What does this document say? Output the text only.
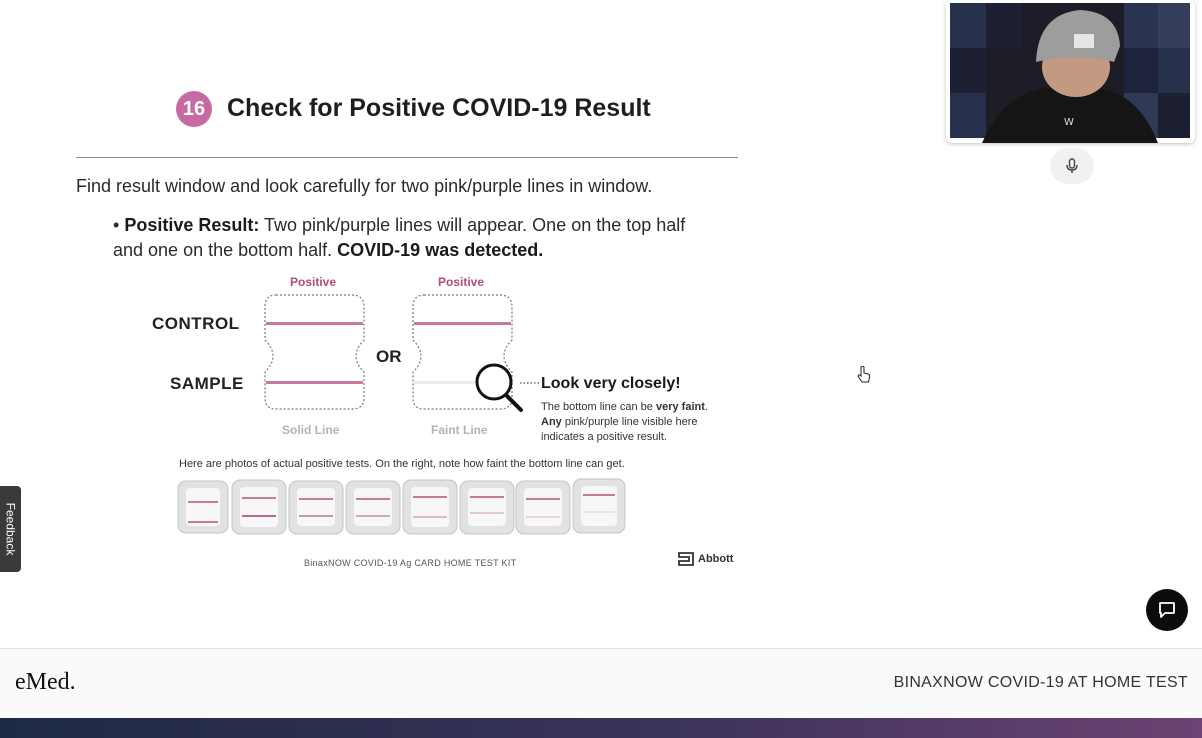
16 Check for Positive COVID-19 Result
Find result window and look carefully for two pink/purple lines in window.
• Positive Result: Two pink/purple lines will appear. One on the top half and one on the bottom half. COVID-19 was detected.
CONTROL
SAMPLE
Positive	Positive
OR
Solid Line	Faint Line
Look very closely!
The bottom line can be very faint. Any pink/purple line visible here indicates a positive result.
Here are photos of actual positive tests. On the right, note how faint the bottom line can get.
BinaxNOW COVID-19 Ag CARD HOME TEST KIT	Abbott
W
Feedback
eMed.	BINAXNOW COVID-19 AT HOME TEST
